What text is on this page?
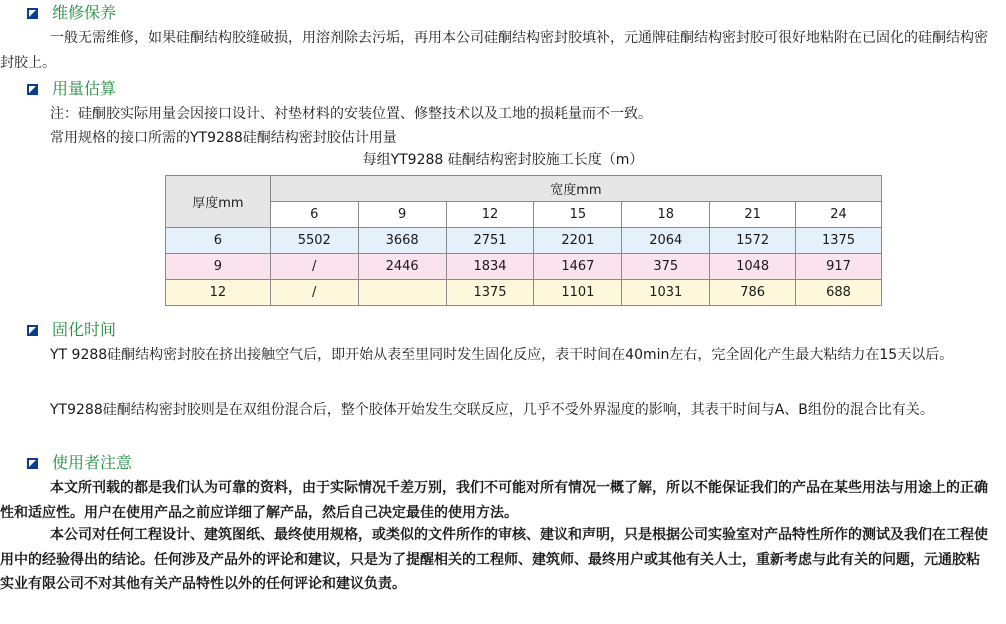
维修保养

一般无需维修，如果硅酮结构胶缝破损，用溶剂除去污垢，再用本公司硅酮结构密封胶填补，元通牌硅酮结构密封胶可很好地粘附在已固化的硅酮结构密封胶上。

用量估算
注：硅酮胶实际用量会因接口设计、衬垫材料的安装位置、修整技术以及工地的损耗量而不一致。
常用规格的接口所需的YT9288硅酮结构密封胶估计用量
每组YT9288 硅酮结构密封胶施工长度（m）
厚度mm	宽度mm						
	6	9	12	15	18	21	24
6	5502	3668	2751	2201	2064	1572	1375
9	/	2446	1834	1467	375	1048	917
12	/		1375	1101	1031	786	688
固化时间

YT 9288硅酮结构密封胶在挤出接触空气后，即开始从表至里同时发生固化反应，表干时间在40min左右，完全固化产生最大粘结力在15天以后。

YT9288硅酮结构密封胶则是在双组份混合后，整个胶体开始发生交联反应，几乎不受外界湿度的影响，其表干时间与A、B组份的混合比有关。

使用者注意

本文所刊载的都是我们认为可靠的资料，由于实际情况千差万别，我们不可能对所有情况一概了解，所以不能保证我们的产品在某些用法与用途上的正确性和适应性。用户在使用产品之前应详细了解产品，然后自己决定最佳的使用方法。

本公司对任何工程设计、建筑图纸、最终使用规格，或类似的文件所作的审核、建议和声明，只是根据公司实验室对产品特性所作的测试及我们在工程使用中的经验得出的结论。任何涉及产品外的评论和建议，只是为了提醒相关的工程师、建筑师、最终用户或其他有关人士，重新考虑与此有关的问题，元通胶粘实业有限公司不对其他有关产品特性以外的任何评论和建议负责。
